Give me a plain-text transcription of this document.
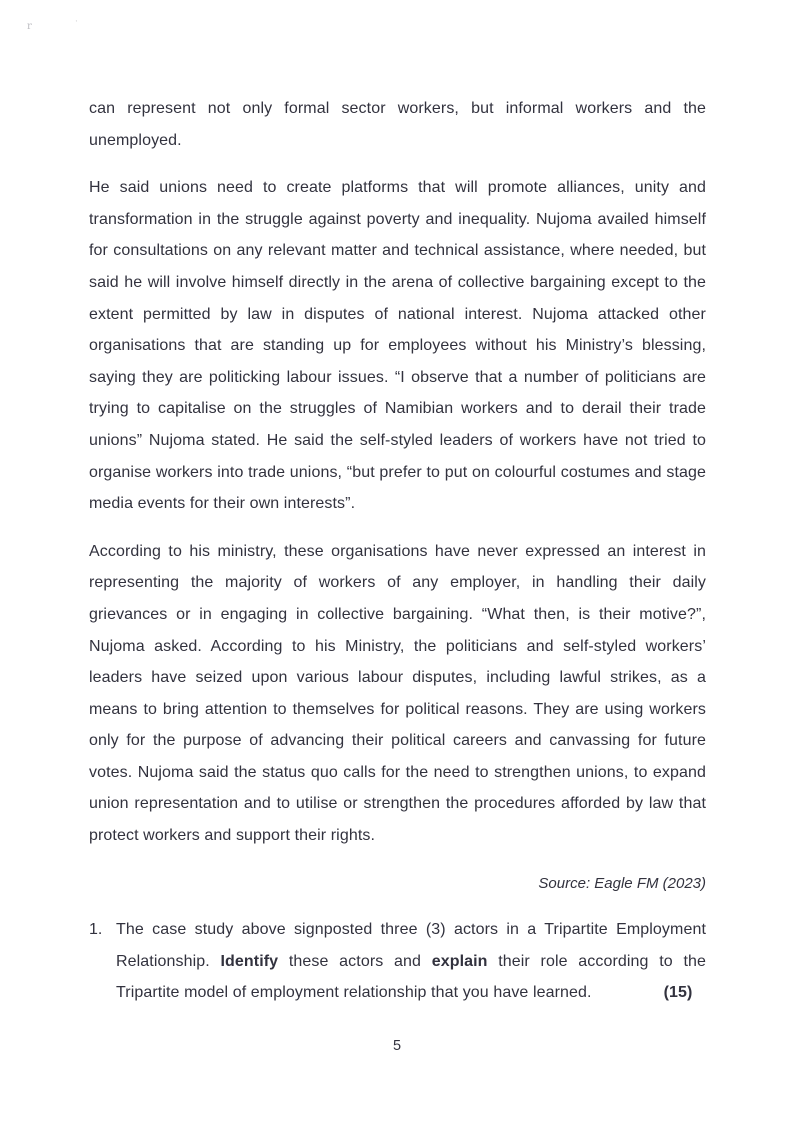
r	·

can represent not only formal sector workers, but informal workers and the unemployed.

He said unions need to create platforms that will promote alliances, unity and transformation in the struggle against poverty and inequality. Nujoma availed himself for consultations on any relevant matter and technical assistance, where needed, but said he will involve himself directly in the arena of collective bargaining except to the extent permitted by law in disputes of national interest. Nujoma attacked other organisations that are standing up for employees without his Ministry’s blessing, saying they are politicking labour issues. “I observe that a number of politicians are trying to capitalise on the struggles of Namibian workers and to derail their trade unions” Nujoma stated. He said the self-styled leaders of workers have not tried to organise workers into trade unions, “but prefer to put on colourful costumes and stage media events for their own interests”.

According to his ministry, these organisations have never expressed an interest in representing the majority of workers of any employer, in handling their daily grievances or in engaging in collective bargaining. “What then, is their motive?”, Nujoma asked. According to his Ministry, the politicians and self-styled workers’ leaders have seized upon various labour disputes, including lawful strikes, as a means to bring attention to themselves for political reasons. They are using workers only for the purpose of advancing their political careers and canvassing for future votes. Nujoma said the status quo calls for the need to strengthen unions, to expand union representation and to utilise or strengthen the procedures afforded by law that protect workers and support their rights.

Source: Eagle FM (2023)

1. The case study above signposted three (3) actors in a Tripartite Employment Relationship. Identify these actors and explain their role according to the Tripartite model of employment relationship that you have learned.	(15)
5
